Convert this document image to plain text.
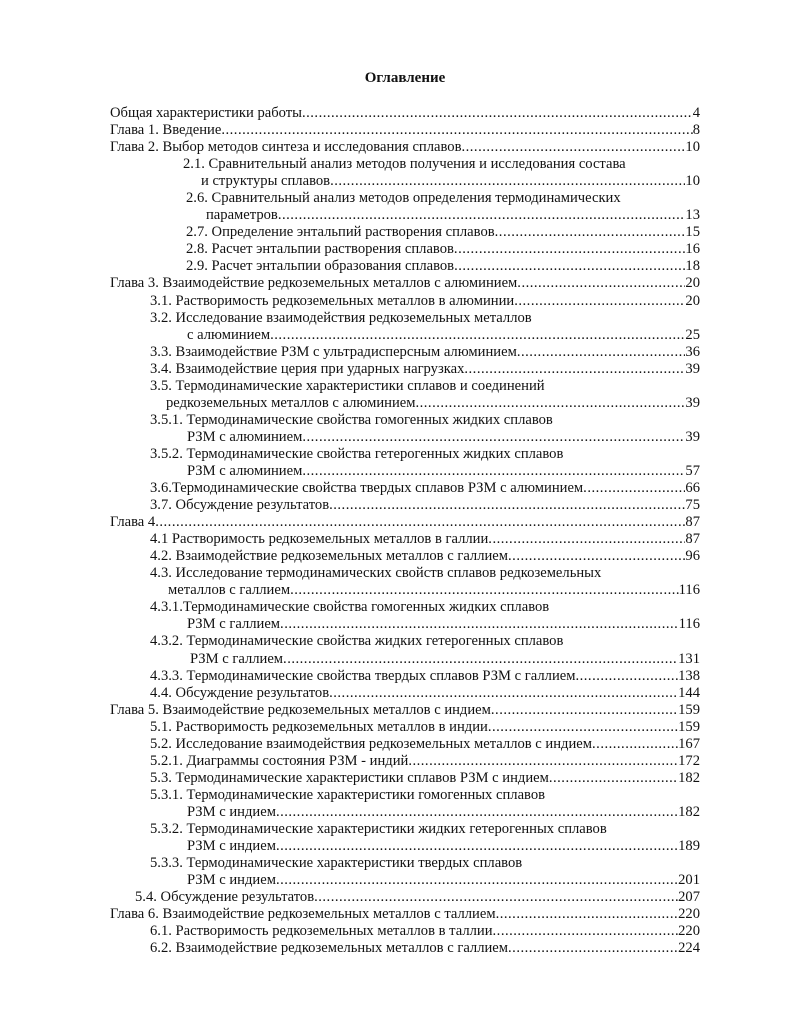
Оглавление
Общая характеристики работы .....	4
Глава 1. Введение .....	8
Глава 2. Выбор методов синтеза и исследования сплавов .....	10
2.1. Сравнительный анализ методов получения и исследования состава
и структуры сплавов .....	10
2.6. Сравнительный анализ методов определения термодинамических
параметров .....	13
2.7. Определение энтальпий растворения сплавов .....	15
2.8. Расчет энтальпии растворения сплавов .....	16
2.9. Расчет энтальпии образования сплавов .....	18
Глава 3. Взаимодействие редкоземельных металлов с алюминием .....	20
3.1. Растворимость редкоземельных металлов в алюминии .....	20
3.2. Исследование взаимодействия редкоземельных металлов
с алюминием .....	25
3.3. Взаимодействие РЗМ с ультрадисперсным алюминием .....	36
3.4. Взаимодействие церия при ударных нагрузках .....	39
3.5. Термодинамические характеристики сплавов и соединений
редкоземельных металлов с алюминием .....	39
3.5.1. Термодинамические свойства гомогенных жидких сплавов
РЗМ с алюминием .....	39
3.5.2. Термодинамические свойства гетерогенных жидких сплавов
РЗМ с алюминием .....	57
3.6.Термодинамические свойства твердых сплавов РЗМ с алюминием .....	66
3.7. Обсуждение результатов .....	75
Глава 4 .....	87
4.1 Растворимость редкоземельных металлов в галлии .....	87
4.2. Взаимодействие редкоземельных металлов с галлием .....	96
4.3. Исследование термодинамических свойств сплавов редкоземельных
металлов с галлием .....	116
4.3.1.Термодинамические свойства гомогенных жидких сплавов
РЗМ с галлием .....	116
4.3.2. Термодинамические свойства жидких гетерогенных сплавов
РЗМ с галлием .....	131
4.3.3. Термодинамические свойства твердых сплавов РЗМ с галлием .....	138
4.4. Обсуждение результатов .....	144
Глава 5. Взаимодействие редкоземельных металлов с индием .....	159
5.1. Растворимость редкоземельных металлов в индии .....	159
5.2. Исследование взаимодействия редкоземельных металлов с индием .....	167
5.2.1. Диаграммы состояния РЗМ - индий .....	172
5.3. Термодинамические характеристики сплавов РЗМ с индием .....	182
5.3.1. Термодинамические характеристики гомогенных сплавов
РЗМ с индием .....	182
5.3.2. Термодинамические характеристики жидких гетерогенных сплавов
РЗМ с индием .....	189
5.3.3. Термодинамические характеристики твердых сплавов
РЗМ с индием .....	201
5.4. Обсуждение результатов .....	207
Глава 6. Взаимодействие редкоземельных металлов с таллием .....	220
6.1. Растворимость редкоземельных металлов в таллии .....	220
6.2. Взаимодействие редкоземельных металлов с галлием .....	224
